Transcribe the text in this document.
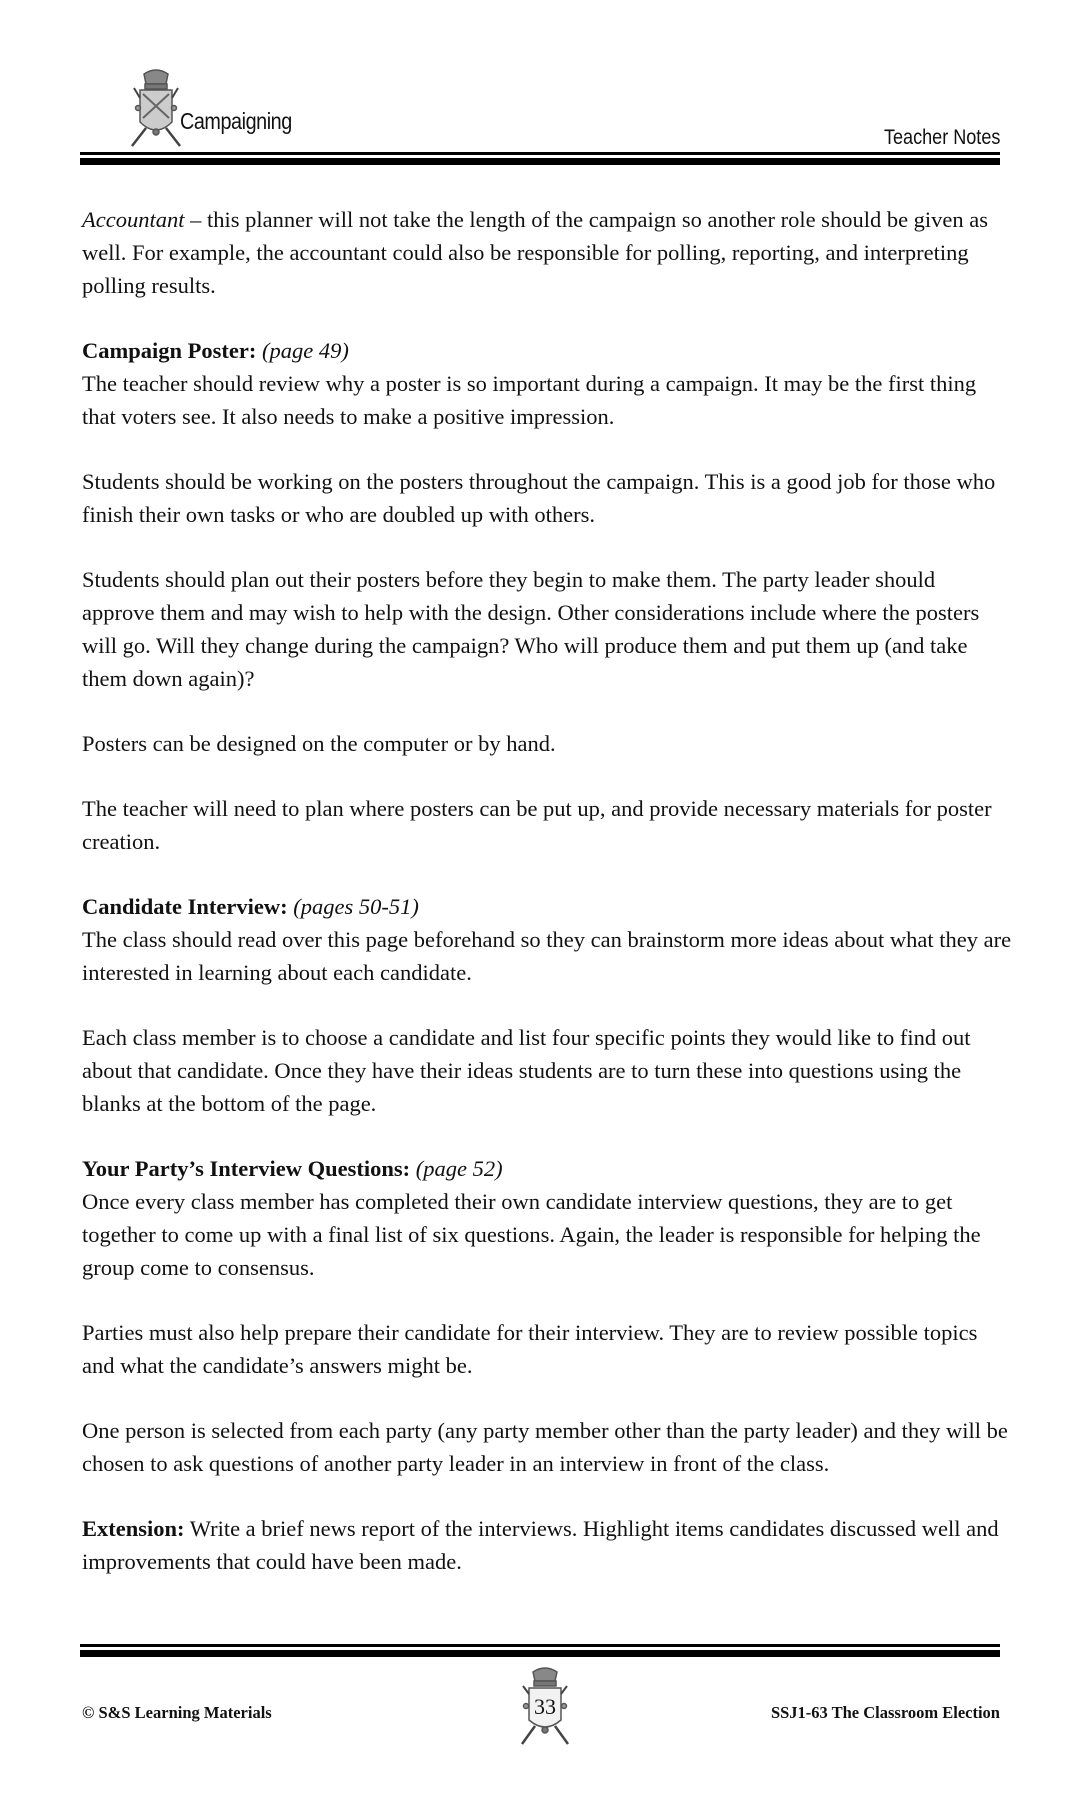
Campaigning
Teacher Notes

Accountant – this planner will not take the length of the campaign so another role should be given as well. For example, the accountant could also be responsible for polling, reporting, and interpreting polling results.

Campaign Poster: (page 49)
The teacher should review why a poster is so important during a campaign. It may be the first thing that voters see. It also needs to make a positive impression.

Students should be working on the posters throughout the campaign. This is a good job for those who finish their own tasks or who are doubled up with others.

Students should plan out their posters before they begin to make them. The party leader should approve them and may wish to help with the design. Other considerations include where the posters will go. Will they change during the campaign? Who will produce them and put them up (and take them down again)?

Posters can be designed on the computer or by hand.

The teacher will need to plan where posters can be put up, and provide necessary materials for poster creation.

Candidate Interview: (pages 50-51)
The class should read over this page beforehand so they can brainstorm more ideas about what they are interested in learning about each candidate.

Each class member is to choose a candidate and list four specific points they would like to find out about that candidate. Once they have their ideas students are to turn these into questions using the blanks at the bottom of the page.

Your Party’s Interview Questions: (page 52)
Once every class member has completed their own candidate interview questions, they are to get together to come up with a final list of six questions. Again, the leader is responsible for helping the group come to consensus.

Parties must also help prepare their candidate for their interview. They are to review possible topics and what the candidate’s answers might be.

One person is selected from each party (any party member other than the party leader) and they will be chosen to ask questions of another party leader in an interview in front of the class.

Extension: Write a brief news report of the interviews. Highlight items candidates discussed well and improvements that could have been made.

© S&S Learning Materials	33	SSJ1-63 The Classroom Election
